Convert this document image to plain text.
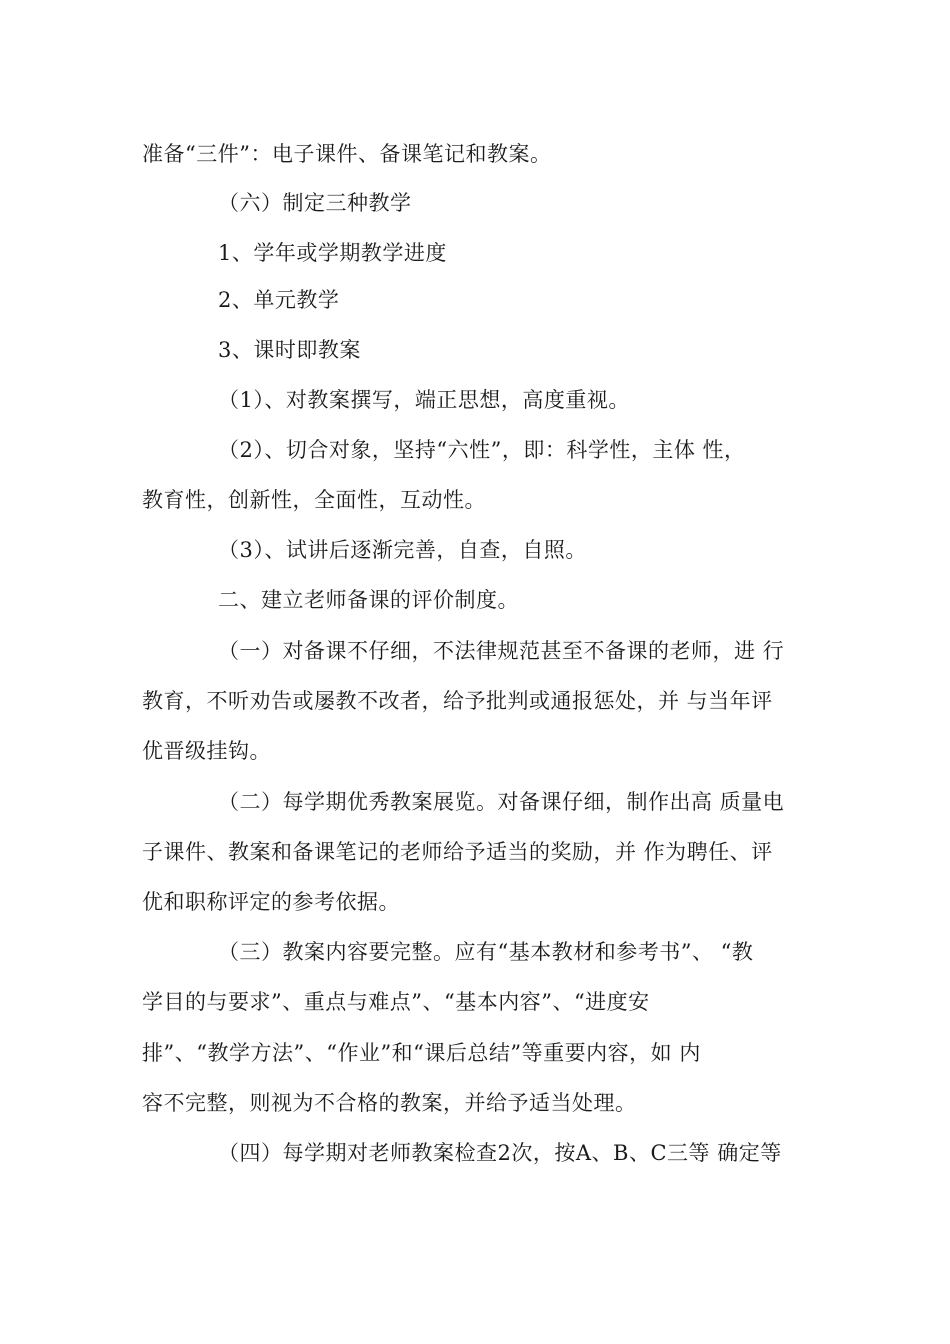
准备“三件”：电子课件、备课笔记和教案。
（六）制定三种教学
1、学年或学期教学进度
2、单元教学
3、课时即教案
（1）、对教案撰写，端正思想，高度重视。
（2）、切合对象，坚持“六性”，即：科学性，主体 性，
教育性，创新性，全面性，互动性。
（3）、试讲后逐渐完善，自查，自照。
二、建立老师备课的评价制度。
（一）对备课不仔细，不法律规范甚至不备课的老师，进 行
教育，不听劝告或屡教不改者，给予批判或通报惩处，并 与当年评
优晋级挂钩。
（二）每学期优秀教案展览。对备课仔细，制作出高 质量电
子课件、教案和备课笔记的老师给予适当的奖励，并 作为聘任、评
优和职称评定的参考依据。
（三）教案内容要完整。应有“基本教材和参考书”、 “教
学目的与要求”、重点与难点”、“基本内容”、“进度安
排”、“教学方法”、“作业”和“课后总结”等重要内容，如 内
容不完整，则视为不合格的教案，并给予适当处理。
（四）每学期对老师教案检查2次，按A、B、C三等 确定等
